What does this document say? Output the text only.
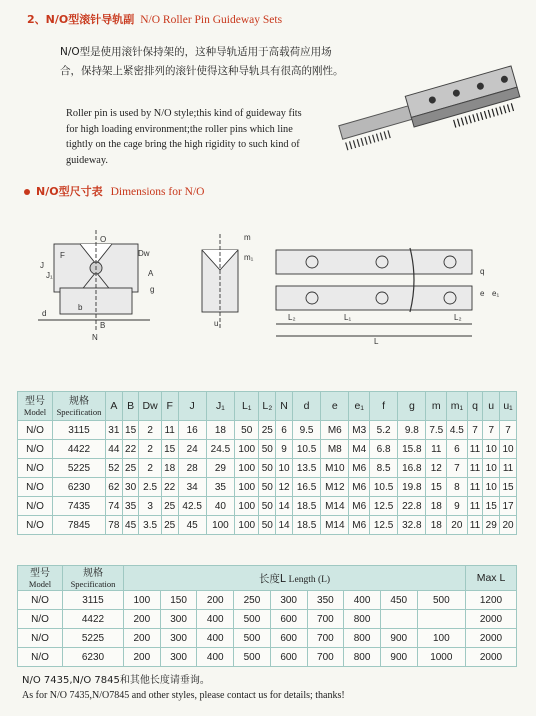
2、N/O型滚针导轨副 N/O Roller Pin Guideway Sets
N/O型是使用滚针保持架的，这种导轨适用于高载荷应用场合，保持架上紧密排列的滚针使得这种导轨具有很高的刚性。
Roller pin is used by N/O style;this kind of guideway fits for high loading environment;the roller pins which line tightly on the cage bring the high rigidity to such kind of guideway.
N/O型尺寸表 Dimensions for N/O
O
F
J
J₁
B
b
d
N
A
Dw
g
m
m₁
u
L₂	L₁
L
L₂
q
e e₁
型号
Model	规格
Specification	A	B	Dw	F	J	J₁	L₁	L₂	N	d	e	e₁	f	g	m	m₁	q	u	u₁
N/O	3115	31	15	2	11	16	18	50	25	6	9.5	M6	M3	5.2	9.8	7.5	4.5	7	7	7
N/O	4422	44	22	2	15	24	24.5	100	50	9	10.5	M8	M4	6.8	15.8	11	6	11	10	10
N/O	5225	52	25	2	18	28	29	100	50	10	13.5	M10	M6	8.5	16.8	12	7	11	10	11
N/O	6230	62	30	2.5	22	34	35	100	50	12	16.5	M12	M6	10.5	19.8	15	8	11	10	15
N/O	7435	74	35	3	25	42.5	40	100	50	14	18.5	M14	M6	12.5	22.8	18	9	11	15	17
N/O	7845	78	45	3.5	25	45	100	100	50	14	18.5	M14	M6	12.5	32.8	18	20	11	29	20
型号
Model	规格
Specification	长度L Length (L)									Max L
N/O	3115	100	150	200	250	300	350	400	450	500	1200
N/O	4422	200	300	400	500	600	700	800			2000
N/O	5225	200	300	400	500	600	700	800	900	100	2000
N/O	6230	200	300	400	500	600	700	800	900	1000	2000
N/O 7435,N/O 7845和其他长度请垂询。
As for N/O 7435,N/O7845 and other styles, please contact us for details; thanks!
